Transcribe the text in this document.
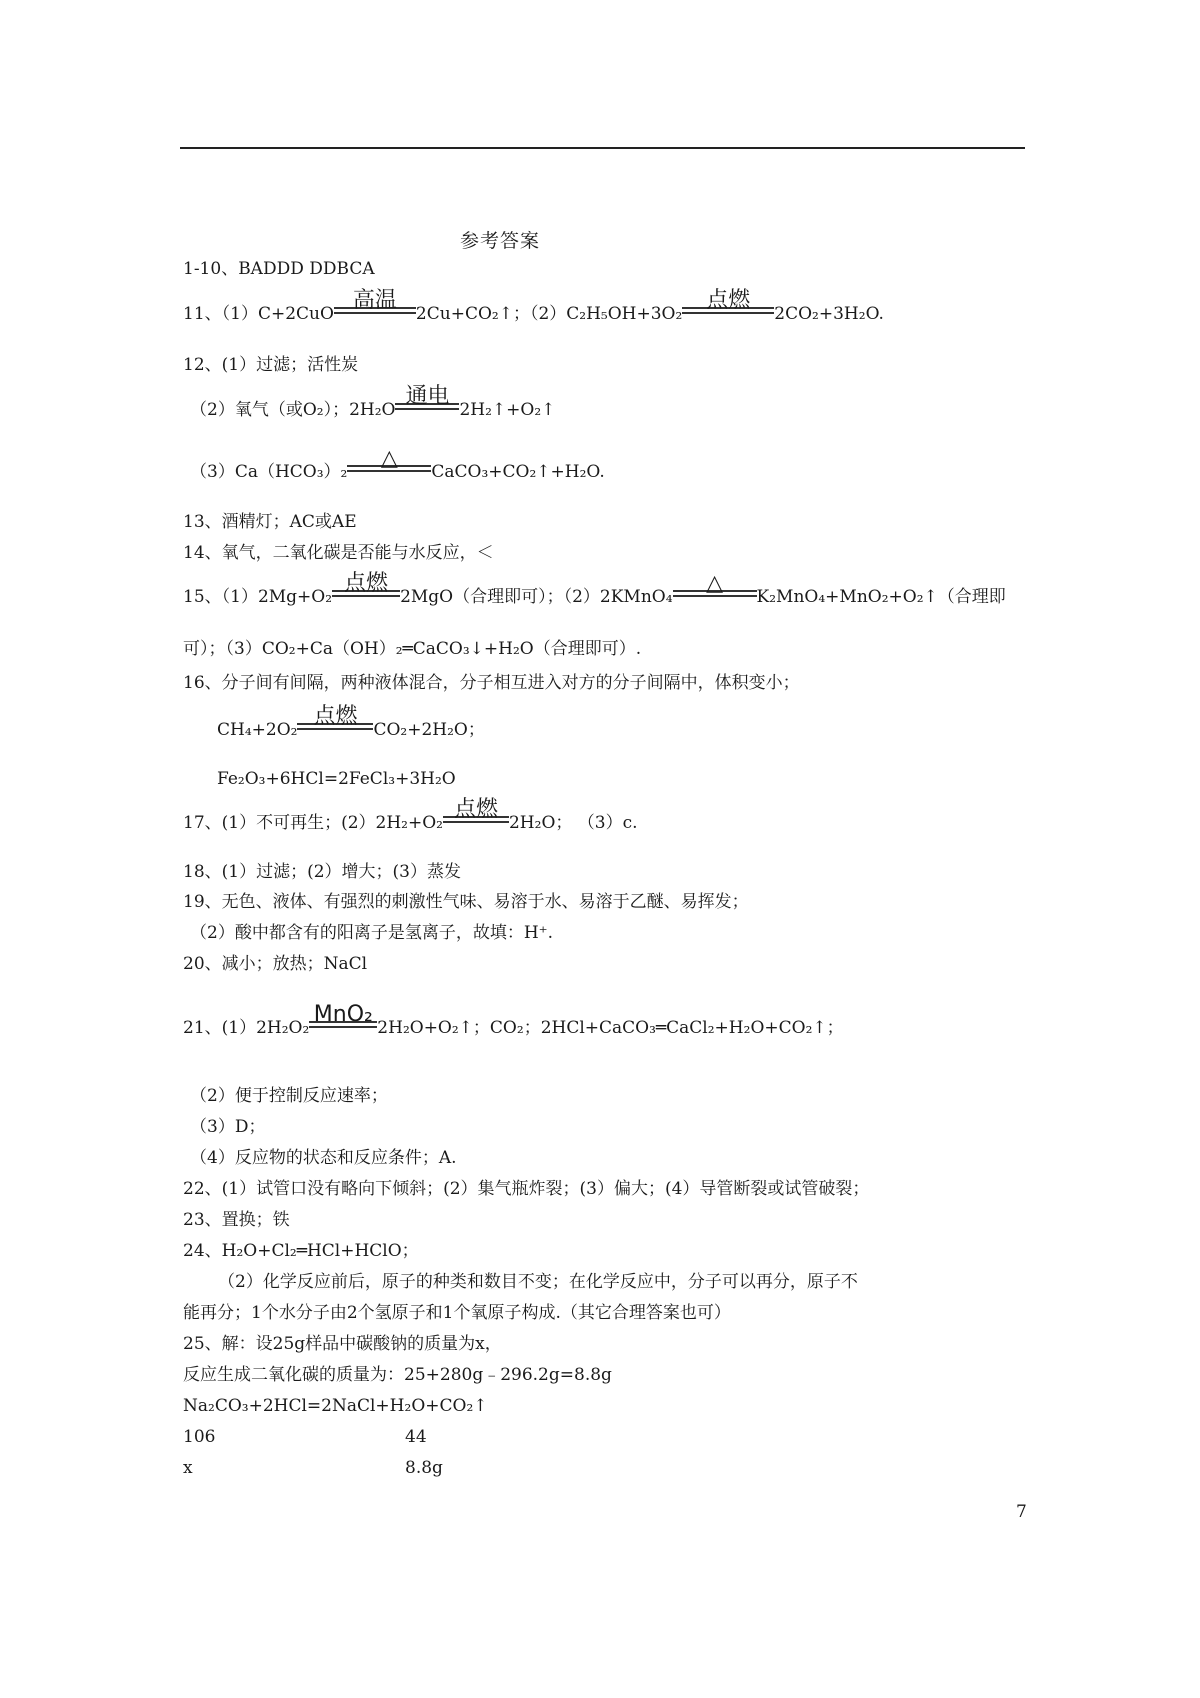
参考答案
1-10、BADDD DDBCA
11、（1）C+2CuO
高温
2Cu+CO₂↑；（2）C₂H₅OH+3O₂
点燃
2CO₂+3H₂O.
12、(1）过滤；活性炭
（2）氧气（或O₂）；2H₂O
通电
2H₂↑+O₂↑
（3）Ca（HCO₃）₂
△
CaCO₃+CO₂↑+H₂O.
13、酒精灯；AC或AE
14、氧气，二氧化碳是否能与水反应，＜
15、（1）2Mg+O₂
点燃
2MgO（合理即可）；（2）2KMnO₄
△
K₂MnO₄+MnO₂+O₂↑（合理即
可）；（3）CO₂+Ca（OH）₂═CaCO₃↓+H₂O（合理即可）.
16、分子间有间隔，两种液体混合，分子相互进入对方的分子间隔中，体积变小；
CH₄+2O₂
点燃
CO₂+2H₂O；
Fe₂O₃+6HCl=2FeCl₃+3H₂O
17、(1）不可再生；(2）2H₂+O₂
点燃
2H₂O； （3）c.
18、(1）过滤；(2）增大；(3）蒸发
19、无色、液体、有强烈的刺激性气味、易溶于水、易溶于乙醚、易挥发；
（2）酸中都含有的阳离子是氢离子，故填：H⁺.
20、减小；放热；NaCl
21、(1）2H₂O₂
MnO₂
2H₂O+O₂↑；CO₂；2HCl+CaCO₃═CaCl₂+H₂O+CO₂↑；
（2）便于控制反应速率；
（3）D；
（4）反应物的状态和反应条件；A.
22、(1）试管口没有略向下倾斜；(2）集气瓶炸裂；(3）偏大；(4）导管断裂或试管破裂；
23、置换；铁
24、H₂O+Cl₂═HCl+HClO；
（2）化学反应前后，原子的种类和数目不变；在化学反应中，分子可以再分，原子不
能再分；1个水分子由2个氢原子和1个氧原子构成.（其它合理答案也可）
25、解：设25g样品中碳酸钠的质量为x，
反应生成二氧化碳的质量为：25+280g﹣296.2g=8.8g
Na₂CO₃+2HCl=2NaCl+H₂O+CO₂↑
106	44
x	8.8g
7
